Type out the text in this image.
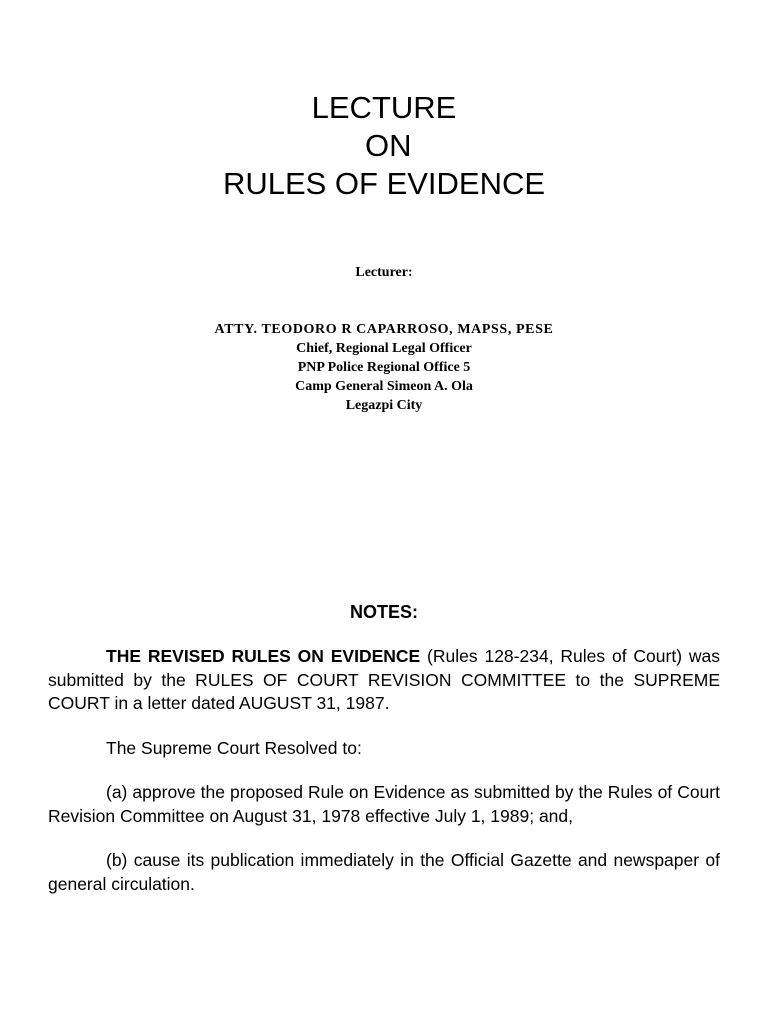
LECTURE
ON
RULES OF EVIDENCE
Lecturer:
ATTY. TEODORO R CAPARROSO, MAPSS, PESE
Chief, Regional Legal Officer
PNP Police Regional Office 5
Camp General Simeon A. Ola
Legazpi City
NOTES:

THE REVISED RULES ON EVIDENCE (Rules 128-234, Rules of Court) was submitted by the RULES OF COURT REVISION COMMITTEE to the SUPREME COURT in a letter dated AUGUST 31, 1987.

The Supreme Court Resolved to:

(a) approve the proposed Rule on Evidence as submitted by the Rules of Court Revision Committee on August 31, 1978 effective July 1, 1989; and,

(b) cause its publication immediately in the Official Gazette and newspaper of general circulation.
